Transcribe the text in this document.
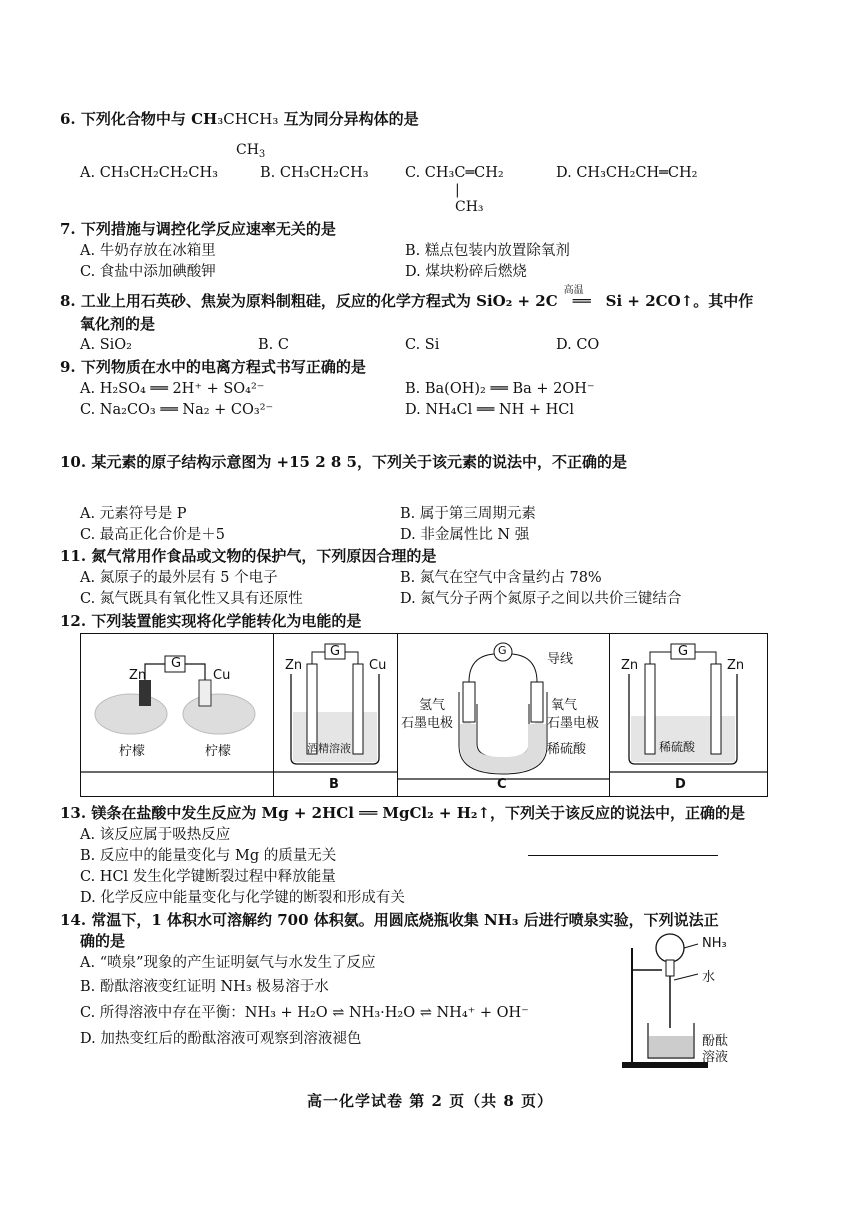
6. 下列化合物中与 CH₃CHCH₃ 互为同分异构体的是
$CH_3$
A. CH₃CH₂CH₂CH₃	B. CH₃CH₂CH₃	C. CH₃C═CH₂
|
CH₃
D. CH₃CH₂CH═CH₂
7. 下列措施与调控化学反应速率无关的是
A. 牛奶存放在冰箱里	B. 糕点包装内放置除氧剂
C. 食盐中添加碘酸钾	D. 煤块粉碎后燃烧
8. 工业上用石英砂、焦炭为原料制粗硅，反应的化学方程式为 SiO₂ + 2C
高温
══ Si + 2CO↑。其中作
氧化剂的是
A. SiO₂	B. C	C. Si	D. CO
9. 下列物质在水中的电离方程式书写正确的是
A. H₂SO₄ ══ 2H⁺ + SO₄²⁻	B. Ba(OH)₂ ══ Ba + 2OH⁻
C. Na₂CO₃ ══ Na₂ + CO₃²⁻	D. NH₄Cl ══ NH + HCl
10. 某元素的原子结构示意图为 +15 2 8 5，下列关于该元素的说法中，不正确的是
A. 元素符号是 P	B. 属于第三周期元素
C. 最高正化合价是＋5	D. 非金属性比 N 强
11. 氮气常用作食品或文物的保护气，下列原因合理的是
A. 氮原子的最外层有 5 个电子	B. 氮气在空气中含量约占 78%
C. 氮气既具有氧化性又具有还原性	D. 氮气分子两个氮原子之间以共价三键结合
12. 下列装置能实现将化学能转化为电能的是
G
Zn	Cu
柠檬	柠檬
G
Zn	Cu
酒精溶液
B
G
导线
氢气	氧气
石墨电极	石墨电极
稀硫酸
C
G
Zn	Zn
稀硫酸
D
13. 镁条在盐酸中发生反应为 Mg + 2HCl ══ MgCl₂ + H₂↑，下列关于该反应的说法中，正确的是
A. 该反应属于吸热反应
B. 反应中的能量变化与 Mg 的质量无关
C. HCl 发生化学键断裂过程中释放能量
D. 化学反应中能量变化与化学键的断裂和形成有关
14. 常温下，1 体积水可溶解约 700 体积氨。用圆底烧瓶收集 NH₃ 后进行喷泉实验，下列说法正
确的是
A. “喷泉”现象的产生证明氨气与水发生了反应
B. 酚酞溶液变红证明 NH₃ 极易溶于水
C. 所得溶液中存在平衡：NH₃ + H₂O ⇌ NH₃·H₂O ⇌ NH₄⁺ + OH⁻
D. 加热变红后的酚酞溶液可观察到溶液褪色
NH₃
水
酚酞
溶液
高一化学试卷 第 2 页（共 8 页）
